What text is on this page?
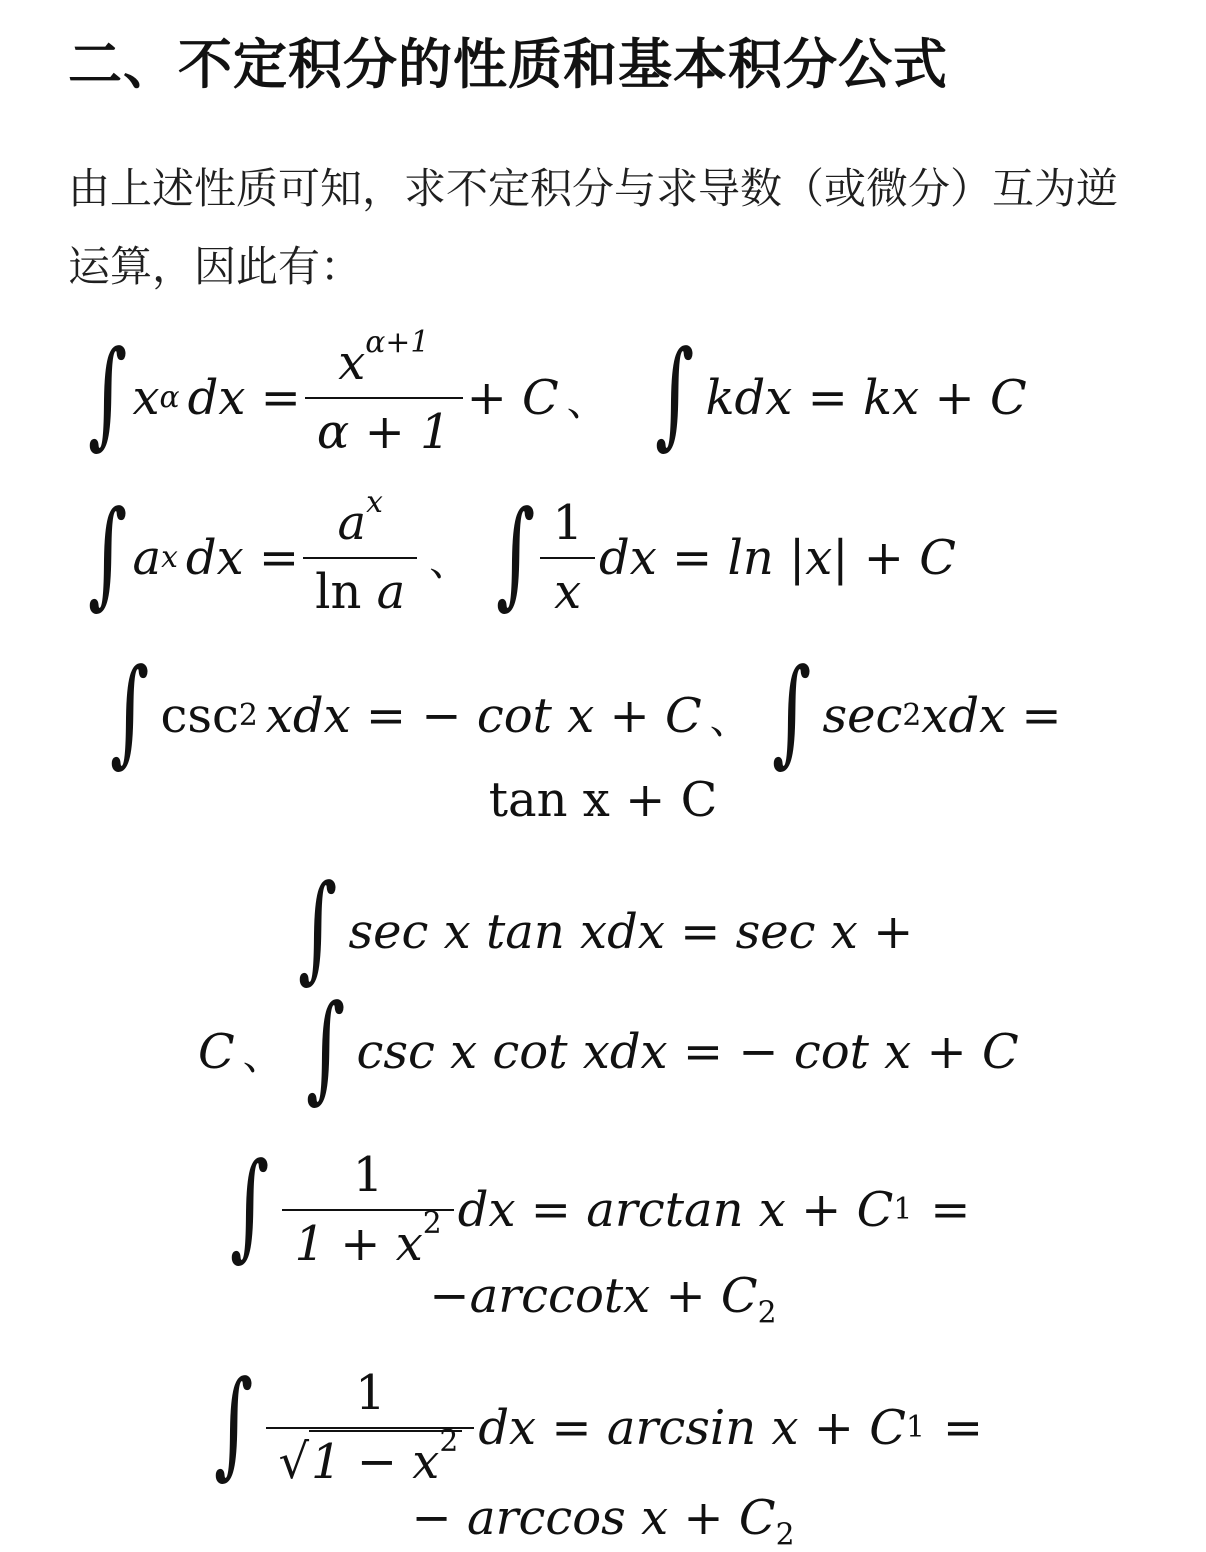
二、不定积分的性质和基本积分公式
由上述性质可知，求不定积分与求导数（或微分）互为逆运算，因此有：
∫ x α dx = $\frac{x^{\alpha+1}}{\alpha + 1} + C$ 、 ∫ kdx = kx + C
∫ a x dx = $\frac{a^x}{\text{ln a}}$ 、 ∫ $\frac{1}{x}$ dx = ln |x| + C
∫ csc 2 xdx = − cot x + C 、 ∫ sec 2 xdx =
tan x + C
∫ sec x tan xdx = sec x +
C 、 ∫ csc x cot xdx = − cot x + C
∫ $\frac{1}{1 + x^2}$ dx = arctan x + C 1 =
$-arccotx + C_2$
∫ $\frac{1}{√1 - x^2}$ dx = arcsin x + C 1 =
− $\arccos x + C_2$
